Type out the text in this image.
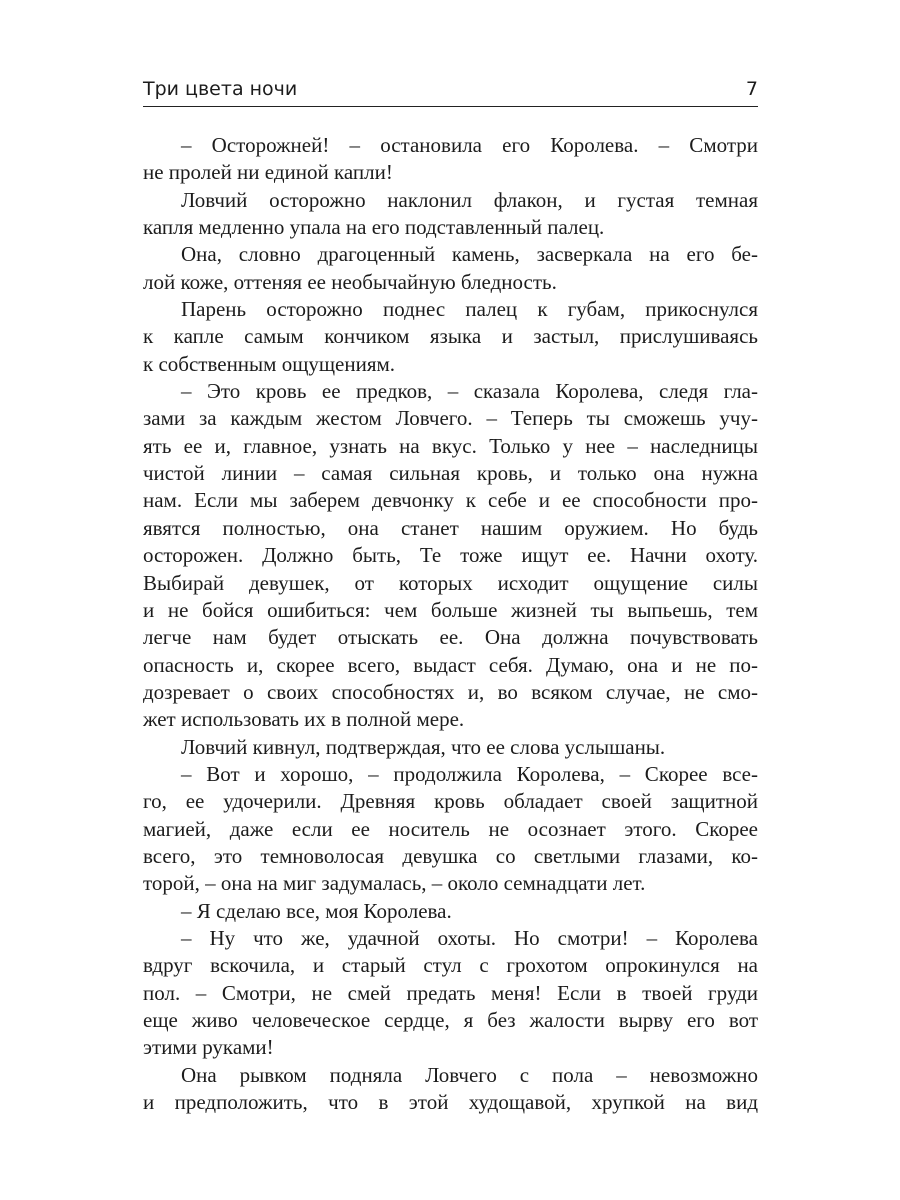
Три цвета ночи	7
– Осторожней! – остановила его Королева. – Смотри
не пролей ни единой капли!
Ловчий осторожно наклонил флакон, и густая темная
капля медленно упала на его подставленный палец.
Она, словно драгоценный камень, засверкала на его бе-
лой коже, оттеняя ее необычайную бледность.
Парень осторожно поднес палец к губам, прикоснулся
к капле самым кончиком языка и застыл, прислушиваясь
к собственным ощущениям.
– Это кровь ее предков, – сказала Королева, следя гла-
зами за каждым жестом Ловчего. – Теперь ты сможешь учу-
ять ее и, главное, узнать на вкус. Только у нее – наследницы
чистой линии – самая сильная кровь, и только она нужна
нам. Если мы заберем девчонку к себе и ее способности про-
явятся полностью, она станет нашим оружием. Но будь
осторожен. Должно быть, Те тоже ищут ее. Начни охоту.
Выбирай девушек, от которых исходит ощущение силы
и не бойся ошибиться: чем больше жизней ты выпьешь, тем
легче нам будет отыскать ее. Она должна почувствовать
опасность и, скорее всего, выдаст себя. Думаю, она и не по-
дозревает о своих способностях и, во всяком случае, не смо-
жет использовать их в полной мере.
Ловчий кивнул, подтверждая, что ее слова услышаны.
– Вот и хорошо, – продолжила Королева, – Скорее все-
го, ее удочерили. Древняя кровь обладает своей защитной
магией, даже если ее носитель не осознает этого. Скорее
всего, это темноволосая девушка со светлыми глазами, ко-
торой, – она на миг задумалась, – около семнадцати лет.
– Я сделаю все, моя Королева.
– Ну что же, удачной охоты. Но смотри! – Королева
вдруг вскочила, и старый стул с грохотом опрокинулся на
пол. – Смотри, не смей предать меня! Если в твоей груди
еще живо человеческое сердце, я без жалости вырву его вот
этими руками!
Она рывком подняла Ловчего с пола – невозможно
и предположить, что в этой худощавой, хрупкой на вид
